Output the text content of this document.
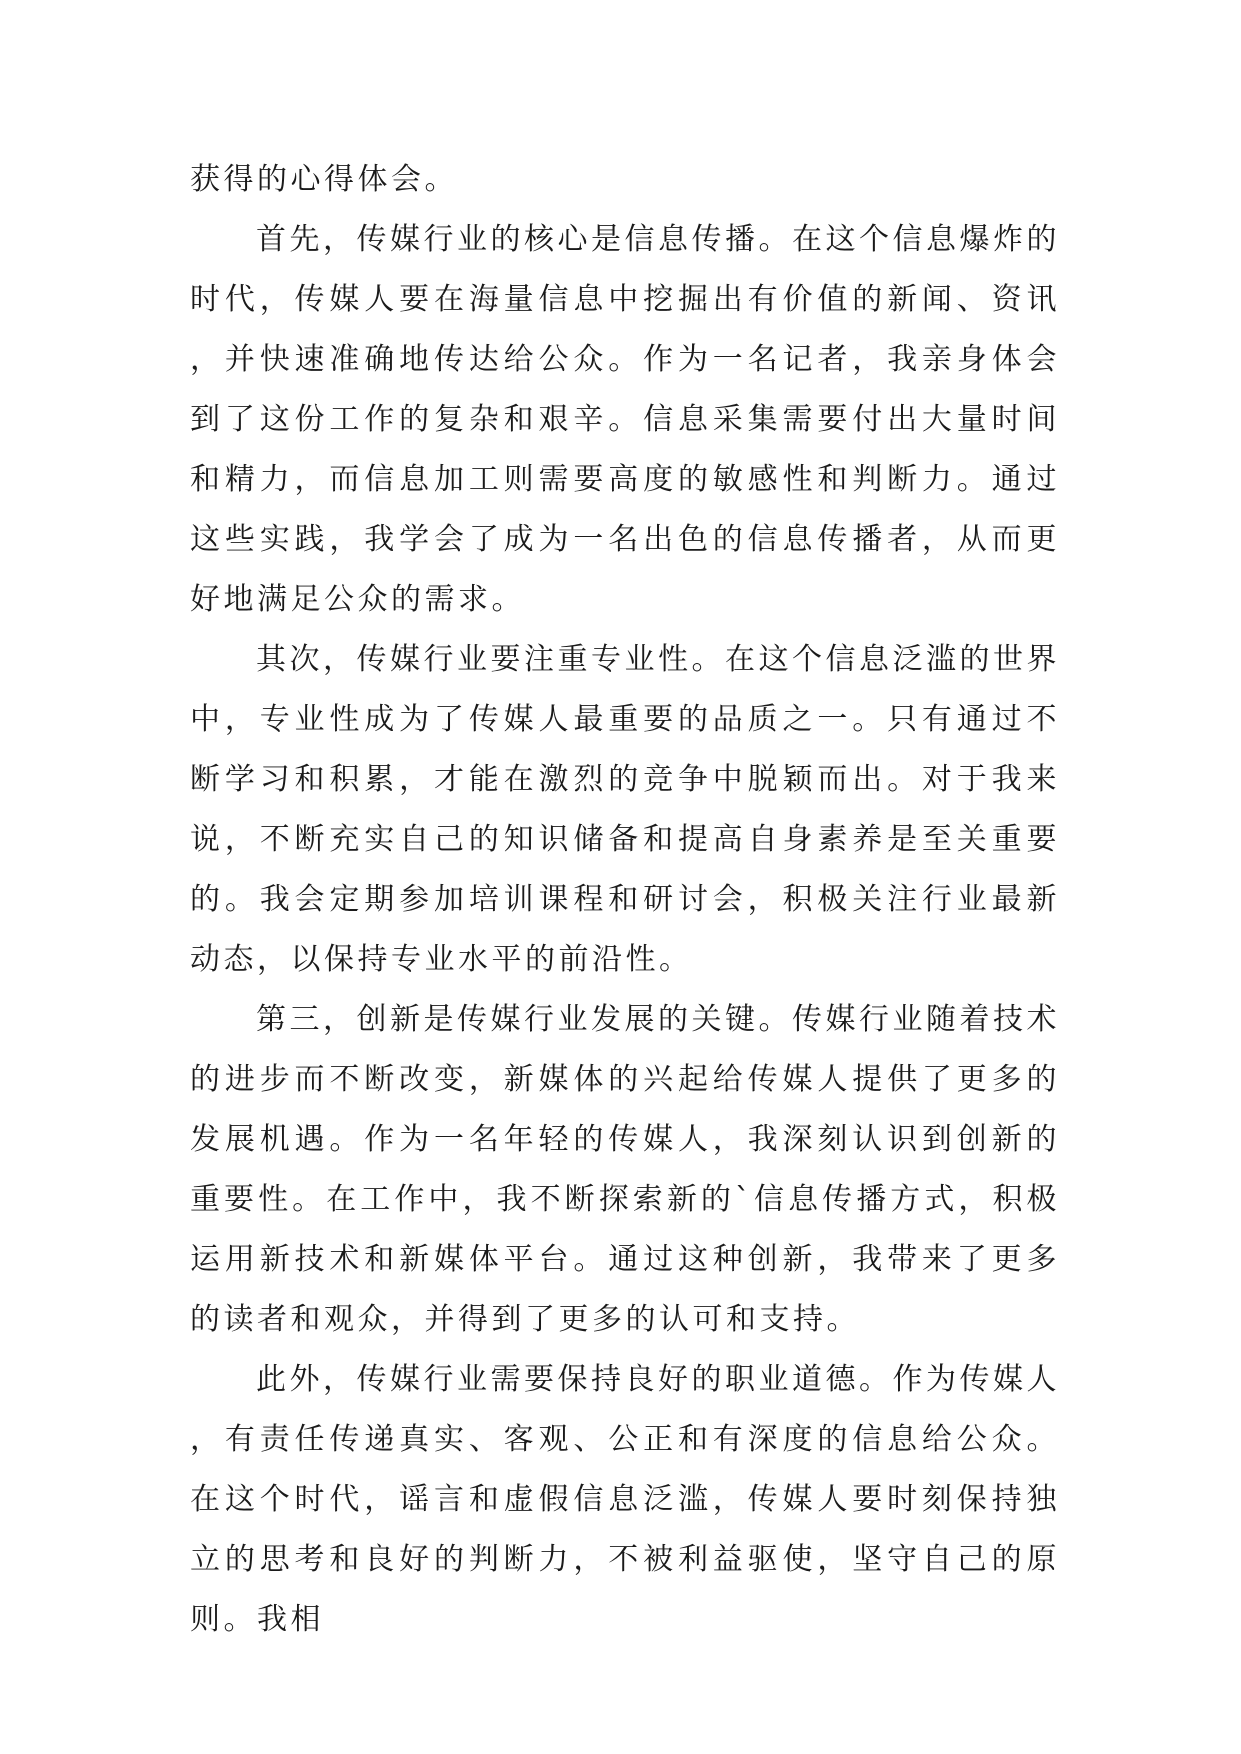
获得的心得体会。

首先，传媒行业的核心是信息传播。在这个信息爆炸的时代，传媒人要在海量信息中挖掘出有价值的新闻、资讯，并快速准确地传达给公众。作为一名记者，我亲身体会到了这份工作的复杂和艰辛。信息采集需要付出大量时间和精力，而信息加工则需要高度的敏感性和判断力。通过这些实践，我学会了成为一名出色的信息传播者，从而更好地满足公众的需求。

其次，传媒行业要注重专业性。在这个信息泛滥的世界中，专业性成为了传媒人最重要的品质之一。只有通过不断学习和积累，才能在激烈的竞争中脱颖而出。对于我来说，不断充实自己的知识储备和提高自身素养是至关重要的。我会定期参加培训课程和研讨会，积极关注行业最新动态，以保持专业水平的前沿性。

第三，创新是传媒行业发展的关键。传媒行业随着技术的进步而不断改变，新媒体的兴起给传媒人提供了更多的发展机遇。作为一名年轻的传媒人，我深刻认识到创新的重要性。在工作中，我不断探索新的`信息传播方式，积极运用新技术和新媒体平台。通过这种创新，我带来了更多的读者和观众，并得到了更多的认可和支持。

此外，传媒行业需要保持良好的职业道德。作为传媒人，有责任传递真实、客观、公正和有深度的信息给公众。在这个时代，谣言和虚假信息泛滥，传媒人要时刻保持独立的思考和良好的判断力，不被利益驱使，坚守自己的原则。我相
